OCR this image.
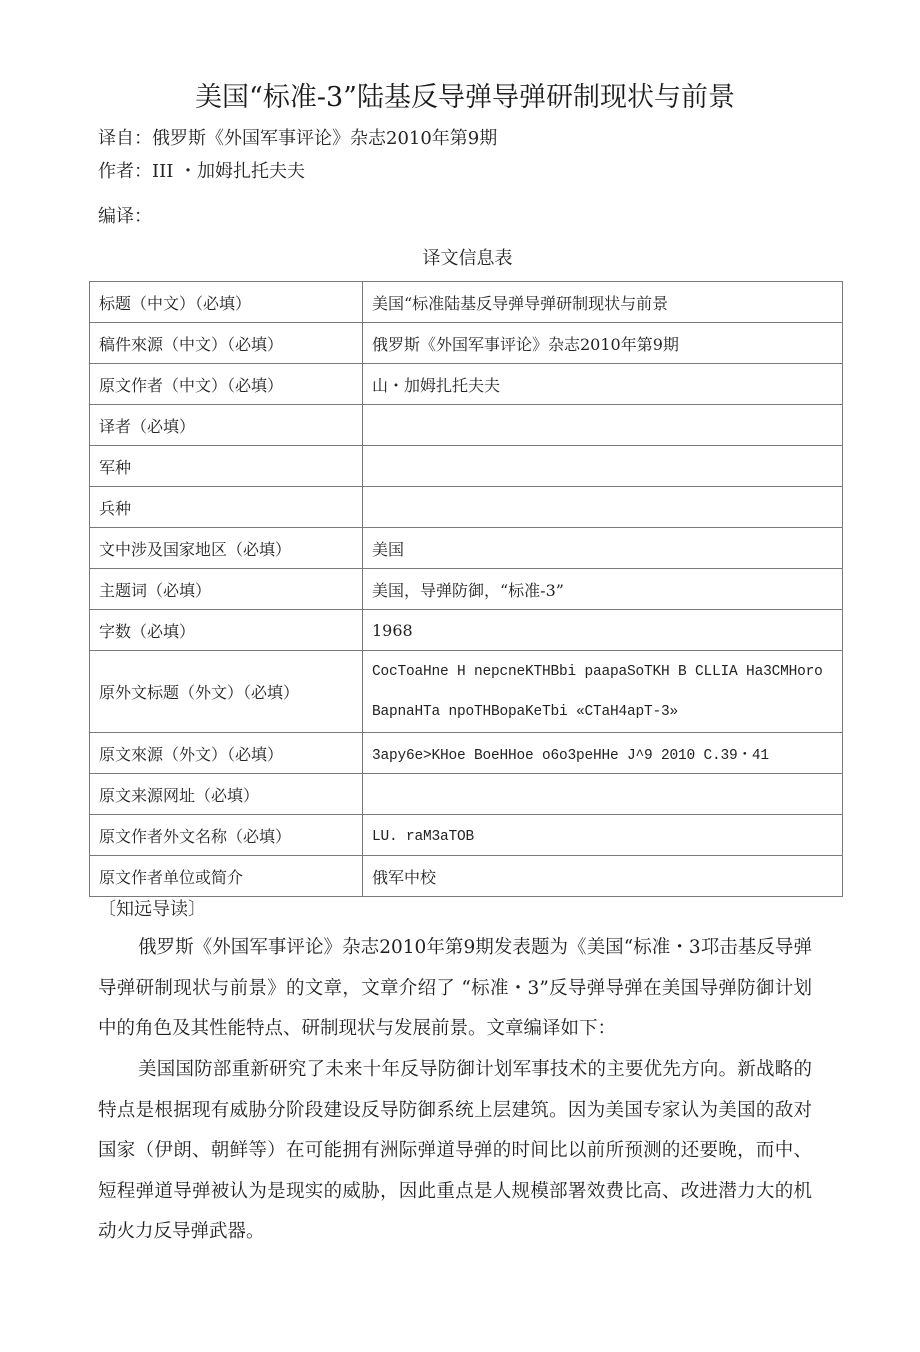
美国“标准-3”陆基反导弹导弹研制现状与前景
译自：俄罗斯《外国军事评论》杂志2010年第9期
作者：III ・加姆扎托夫夫
编译：
译文信息表
标题（中文）（必填）	美国“标准陆基反导弹导弹研制现状与前景
稿件來源（中文）（必填）	俄罗斯《外国军事评论》杂志2010年第9期
原文作者（中文）（必填）	山・加姆扎托夫夫
译者（必填）	
军种	
兵种	
文中涉及国家地区（必填）	美国
主题词（必填）	美国，导弹防御，“标准-3”
字数（必填）	1968
原外文标题（外文）（必填）	CocToaHne H nepcneKTHBbi paapaSoTKH B CLLIA Ha3CMHoro
BapnaHTa npoTHBopaKeTbi «CTaH4apT-3»

原文來源（外文）（必填）	3apy6e>KHoe BoeHHoe o6o3peHHe J^9 2010 C.39・41
原文来源网址（必填）	
原文作者外文名称（必填）	LU. raM3aTOB
原文作者单位或简介	俄军中校
〔知远导读〕

俄罗斯《外国军事评论》杂志2010年第9期发表题为《美国“标准・3邛击基反导弹导弹研制现状与前景》的文章，文章介绍了 “标准・3”反导弹导弹在美国导弹防御计划中的角色及其性能特点、研制现状与发展前景。文章编译如下：

美国国防部重新研究了未来十年反导防御计划军事技术的主要优先方向。新战略的特点是根据现有威胁分阶段建设反导防御系统上层建筑。因为美国专家认为美国的敌对国家（伊朗、朝鲜等）在可能拥有洲际弹道导弹的时间比以前所预测的还要晚，而中、短程弹道导弹被认为是现实的威胁，因此重点是人规模部署效费比高、改进潜力大的机动火力反导弹武器。
